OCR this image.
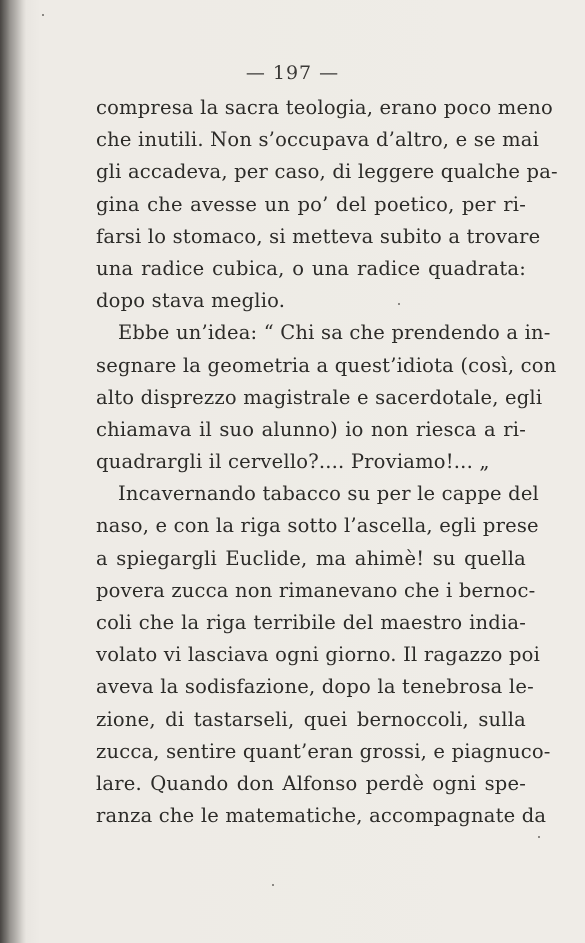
— 197 —
compresa la sacra teologia, erano poco meno
che inutili. Non s’occupava d’altro, e se mai
gli accadeva, per caso, di leggere qualche pa-
gina che avesse un po’ del poetico, per ri-
farsi lo stomaco, si metteva subito a trovare
una radice cubica, o una radice quadrata:
dopo stava meglio.
Ebbe un’idea: “ Chi sa che prendendo a in-
segnare la geometria a quest’idiota (così, con
alto disprezzo magistrale e sacerdotale, egli
chiamava il suo alunno) io non riesca a ri-
quadrargli il cervello?.... Proviamo!... „
Incavernando tabacco su per le cappe del
naso, e con la riga sotto l’ascella, egli prese
a spiegargli Euclide, ma ahimè! su quella
povera zucca non rimanevano che i bernoc-
coli che la riga terribile del maestro india-
volato vi lasciava ogni giorno. Il ragazzo poi
aveva la sodisfazione, dopo la tenebrosa le-
zione, di tastarseli, quei bernoccoli, sulla
zucca, sentire quant’eran grossi, e piagnuco-
lare. Quando don Alfonso perdè ogni spe-
ranza che le matematiche, accompagnate da
